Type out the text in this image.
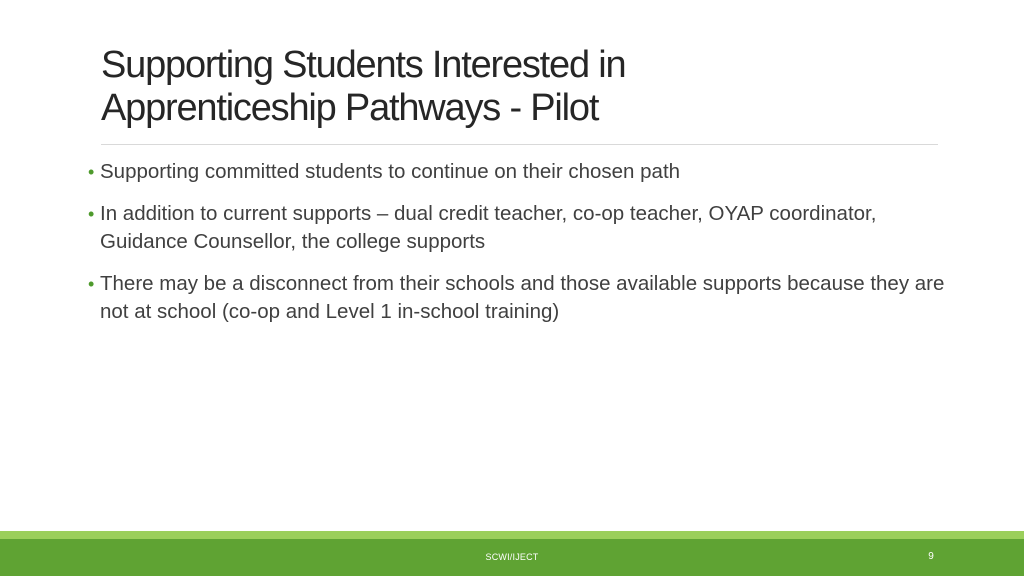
Supporting Students Interested in
Apprenticeship Pathways - Pilot
• Supporting committed students to continue on their chosen path
• In addition to current supports – dual credit teacher, co-op teacher, OYAP coordinator, Guidance Counsellor, the college supports
• There may be a disconnect from their schools and those available supports because they are not at school (co-op and Level 1 in-school training)
SCWI/IJECT	9
